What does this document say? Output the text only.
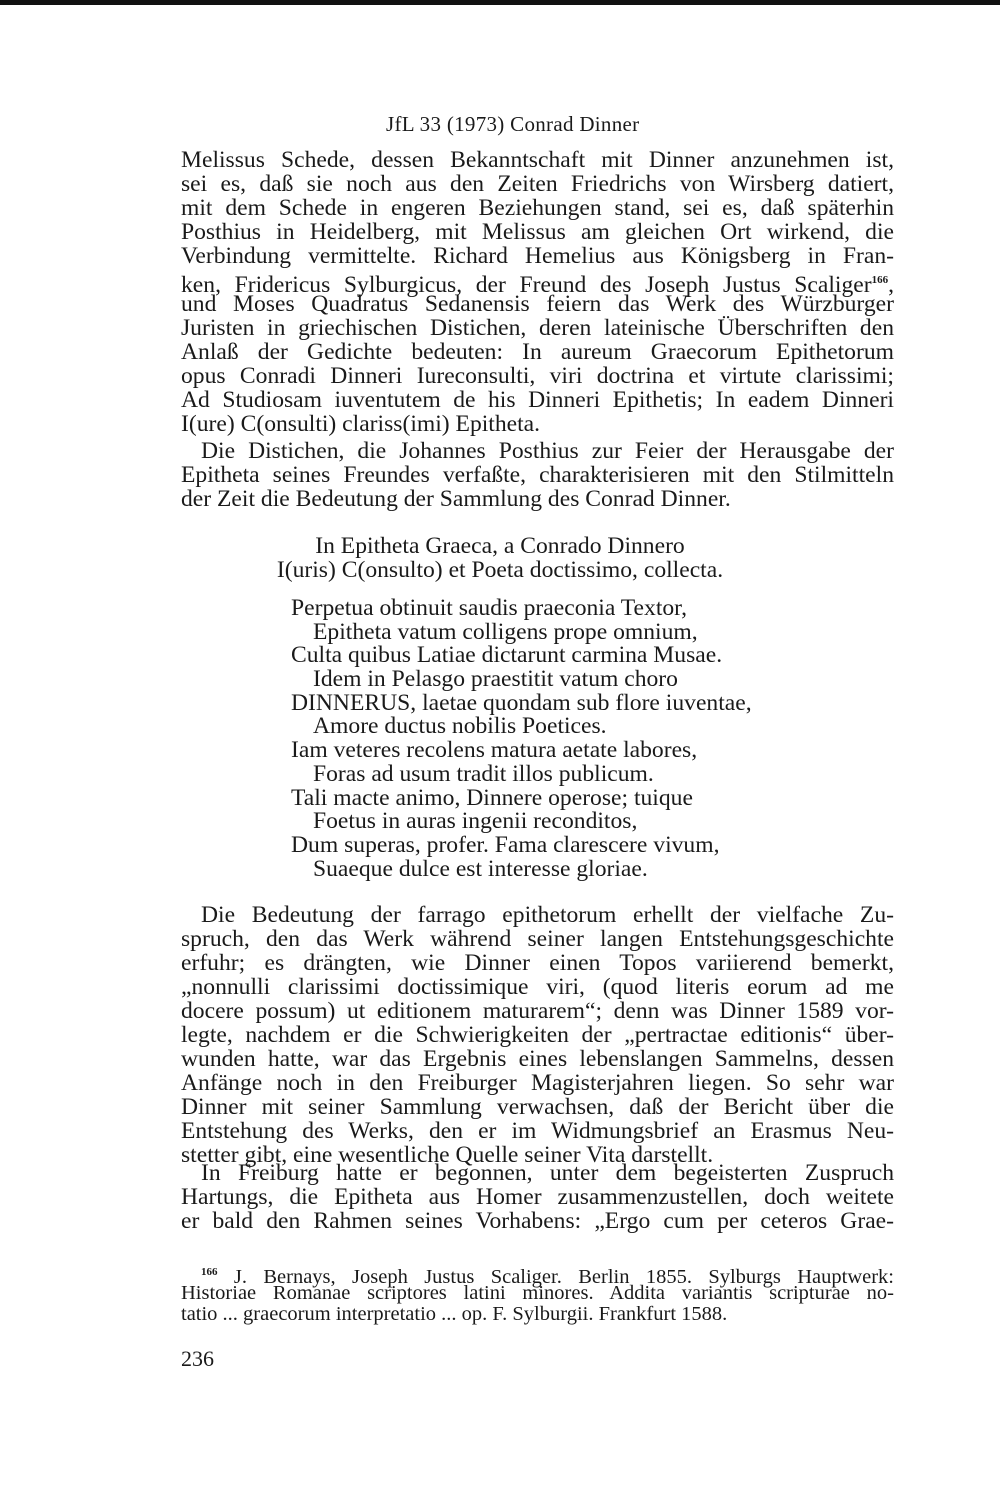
JfL 33 (1973) Conrad Dinner
Melissus Schede, dessen Bekanntschaft mit Dinner anzunehmen ist,
sei es, daß sie noch aus den Zeiten Friedrichs von Wirsberg datiert,
mit dem Schede in engeren Beziehungen stand, sei es, daß späterhin
Posthius in Heidelberg, mit Melissus am gleichen Ort wirkend, die
Verbindung vermittelte. Richard Hemelius aus Königsberg in Fran-
ken, Fridericus Sylburgicus, der Freund des Joseph Justus Scaliger$^{166}$,
und Moses Quadratus Sedanensis feiern das Werk des Würzburger
Juristen in griechischen Distichen, deren lateinische Überschriften den
Anlaß der Gedichte bedeuten: In aureum Graecorum Epithetorum
opus Conradi Dinneri Iureconsulti, viri doctrina et virtute clarissimi;
Ad Studiosam iuventutem de his Dinneri Epithetis; In eadem Dinneri
I(ure) C(onsulti) clariss(imi) Epitheta.
Die Distichen, die Johannes Posthius zur Feier der Herausgabe der
Epitheta seines Freundes verfaßte, charakterisieren mit den Stilmitteln
der Zeit die Bedeutung der Sammlung des Conrad Dinner.
In Epitheta Graeca, a Conrado Dinnero
I(uris) C(onsulto) et Poeta doctissimo, collecta.
Perpetua obtinuit saudis praeconia Textor,
Epitheta vatum colligens prope omnium,
Culta quibus Latiae dictarunt carmina Musae.
Idem in Pelasgo praestitit vatum choro
DINNERUS, laetae quondam sub flore iuventae,
Amore ductus nobilis Poetices.
Iam veteres recolens matura aetate labores,
Foras ad usum tradit illos publicum.
Tali macte animo, Dinnere operose; tuique
Foetus in auras ingenii reconditos,
Dum superas, profer. Fama clarescere vivum,
Suaeque dulce est interesse gloriae.
Die Bedeutung der farrago epithetorum erhellt der vielfache Zu-
spruch, den das Werk während seiner langen Entstehungsgeschichte
erfuhr; es drängten, wie Dinner einen Topos variierend bemerkt,
„nonnulli clarissimi doctissimique viri, (quod literis eorum ad me
docere possum) ut editionem maturarem“; denn was Dinner 1589 vor-
legte, nachdem er die Schwierigkeiten der „pertractae editionis“ über-
wunden hatte, war das Ergebnis eines lebenslangen Sammelns, dessen
Anfänge noch in den Freiburger Magisterjahren liegen. So sehr war
Dinner mit seiner Sammlung verwachsen, daß der Bericht über die
Entstehung des Werks, den er im Widmungsbrief an Erasmus Neu-
stetter gibt, eine wesentliche Quelle seiner Vita darstellt.
In Freiburg hatte er begonnen, unter dem begeisterten Zuspruch
Hartungs, die Epitheta aus Homer zusammenzustellen, doch weitete
er bald den Rahmen seines Vorhabens: „Ergo cum per ceteros Grae-
$^{166}$ J. Bernays, Joseph Justus Scaliger. Berlin 1855. Sylburgs Hauptwerk:
Historiae Romanae scriptores latini minores. Addita variantis scripturae no-
tatio ... graecorum interpretatio ... op. F. Sylburgii. Frankfurt 1588.
236
